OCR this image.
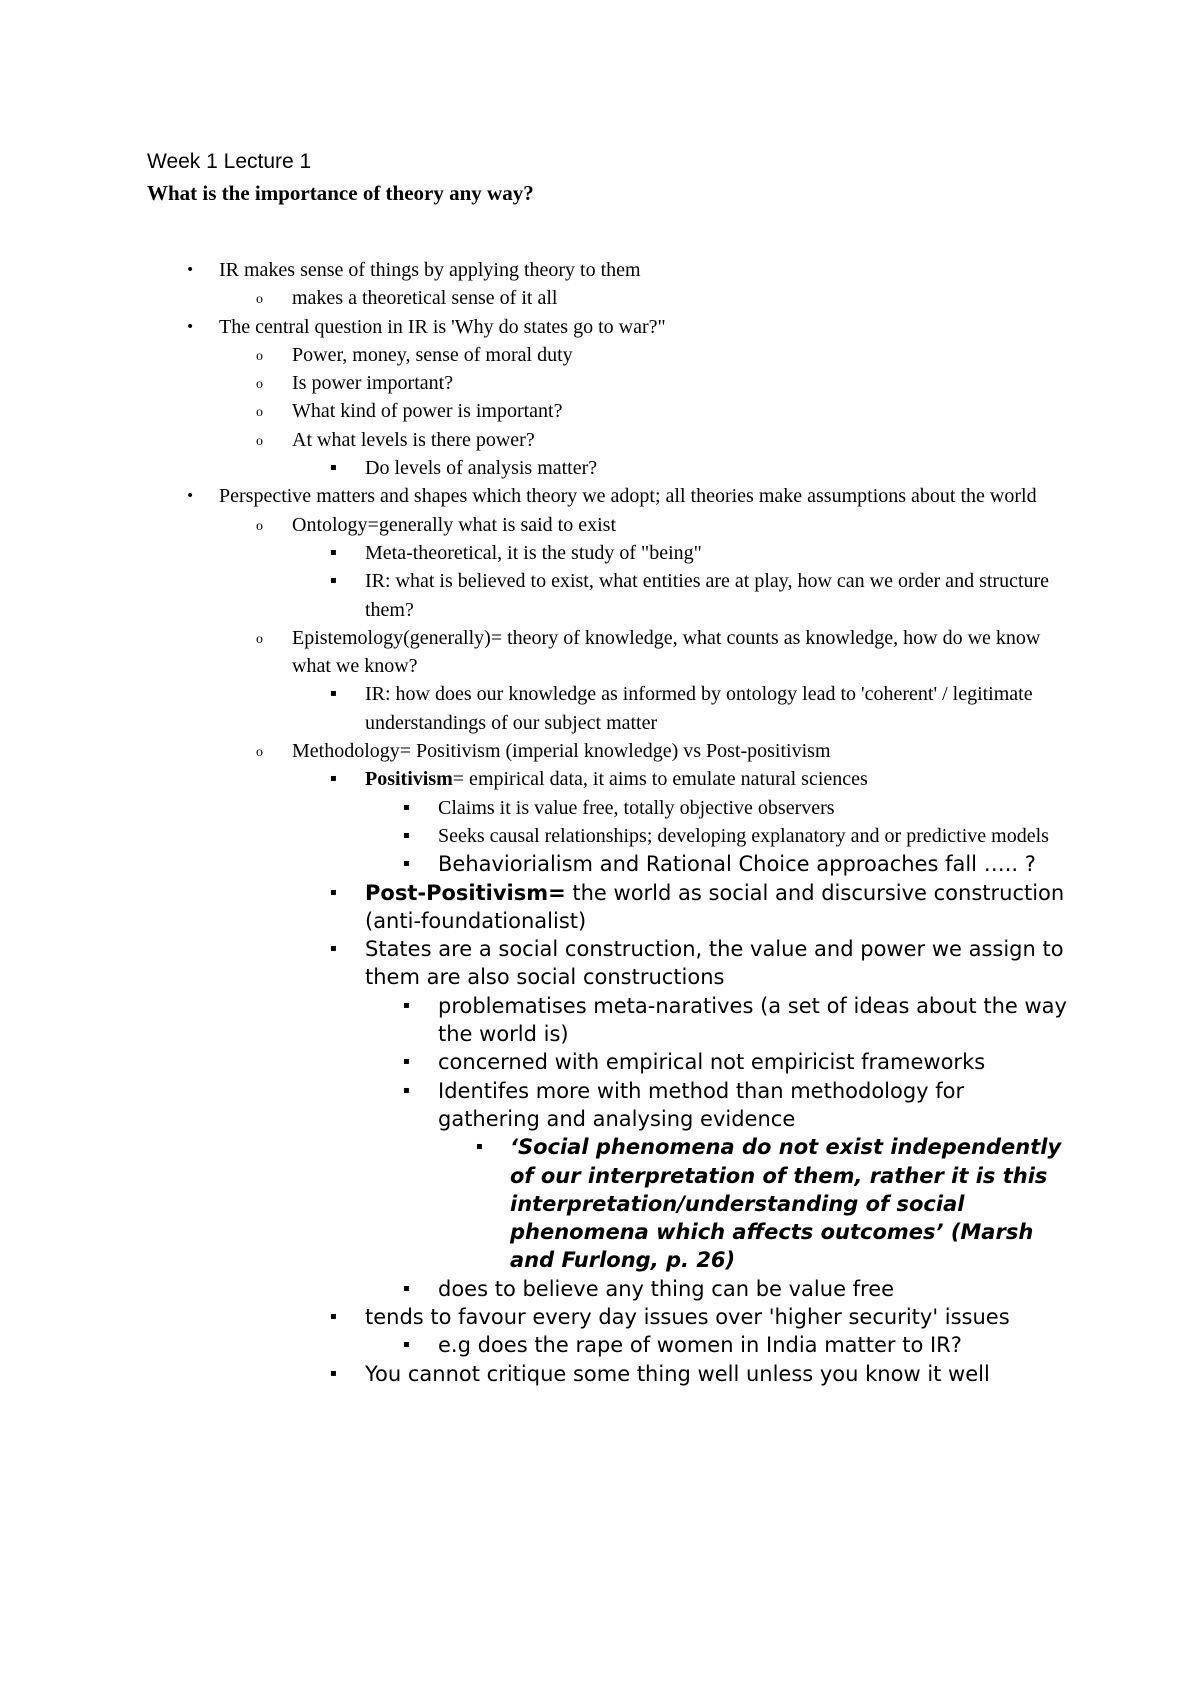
Week 1 Lecture 1
What is the importance of theory any way?
• IR makes sense of things by applying theory to them
o makes a theoretical sense of it all
• The central question in IR is 'Why do states go to war?"
o Power, money, sense of moral duty
o Is power important?
o What kind of power is important?
o At what levels is there power?
▪ Do levels of analysis matter?
• Perspective matters and shapes which theory we adopt; all theories make assumptions about the world
o Ontology=generally what is said to exist
▪ Meta-theoretical, it is the study of "being"
▪ IR: what is believed to exist, what entities are at play, how can we order and structure them?
o Epistemology(generally)= theory of knowledge, what counts as knowledge, how do we know what we know?
▪ IR: how does our knowledge as informed by ontology lead to 'coherent' / legitimate understandings of our subject matter
o Methodology= Positivism (imperial knowledge) vs Post-positivism
▪ Positivism= empirical data, it aims to emulate natural sciences
▪ Claims it is value free, totally objective observers
▪ Seeks causal relationships; developing explanatory and or predictive models
▪ Behaviorialism and Rational Choice approaches fall ….. ?
▪ Post-Positivism= the world as social and discursive construction (anti-foundationalist)
▪ States are a social construction, the value and power we assign to them are also social constructions
▪ problematises meta-naratives (a set of ideas about the way the world is)
▪ concerned with empirical not empiricist frameworks
▪ Identifes more with method than methodology for gathering and analysing evidence
▪ ‘Social phenomena do not exist independently of our interpretation of them, rather it is this interpretation/understanding of social phenomena which affects outcomes’ (Marsh and Furlong, p. 26)
▪ does to believe any thing can be value free
▪ tends to favour every day issues over 'higher security' issues
▪ e.g does the rape of women in India matter to IR?
▪ You cannot critique some thing well unless you know it well
